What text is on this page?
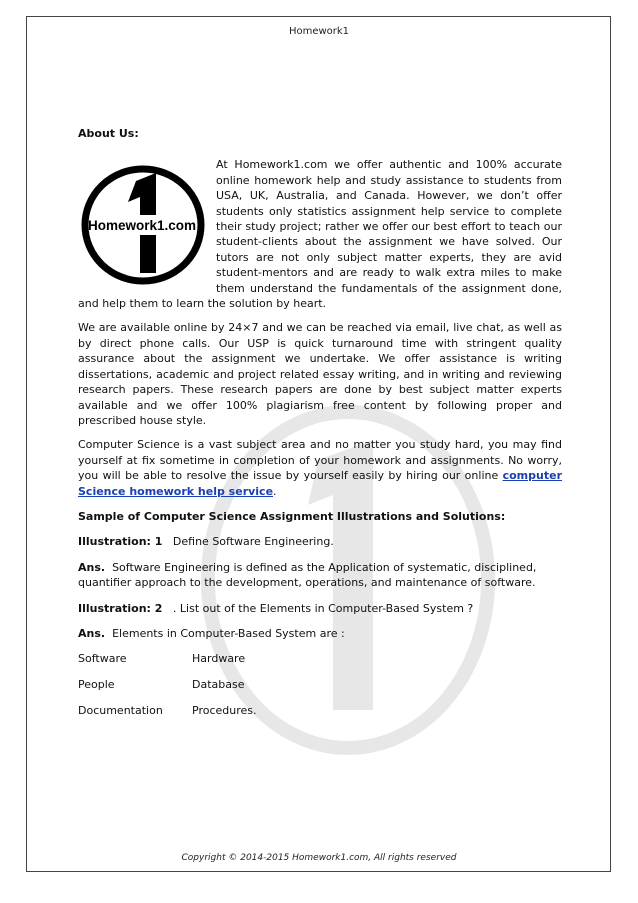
Homework1

About Us:

Homework1.com

At Homework1.com we offer authentic and 100% accurate online homework help and study assistance to students from USA, UK, Australia, and Canada. However, we don’t offer students only statistics assignment help service to complete their study project; rather we offer our best effort to teach our student-clients about the assignment we have solved. Our tutors are not only subject matter experts, they are avid student-mentors and are ready to walk extra miles to make them understand the fundamentals of the assignment done, and help them to learn the solution by heart.

We are available online by 24×7 and we can be reached via email, live chat, as well as by direct phone calls. Our USP is quick turnaround time with stringent quality assurance about the assignment we undertake. We offer assistance is writing dissertations, academic and project related essay writing, and in writing and reviewing research papers. These research papers are done by best subject matter experts available and we offer 100% plagiarism free content by following proper and prescribed house style.

Computer Science is a vast subject area and no matter you study hard, you may find yourself at fix sometime in completion of your homework and assignments. No worry, you will be able to resolve the issue by yourself easily by hiring our online computer Science homework help service.

Sample of Computer Science Assignment Illustrations and Solutions:

Illustration: 1 Define Software Engineering.

Ans. Software Engineering is defined as the Application of systematic, disciplined, quantifier approach to the development, operations, and maintenance of software.

Illustration: 2 . List out of the Elements in Computer-Based System ?

Ans. Elements in Computer-Based System are :

Software	Hardware
People	Database
Documentation	Procedures.
Copyright © 2014-2015 Homework1.com, All rights reserved
